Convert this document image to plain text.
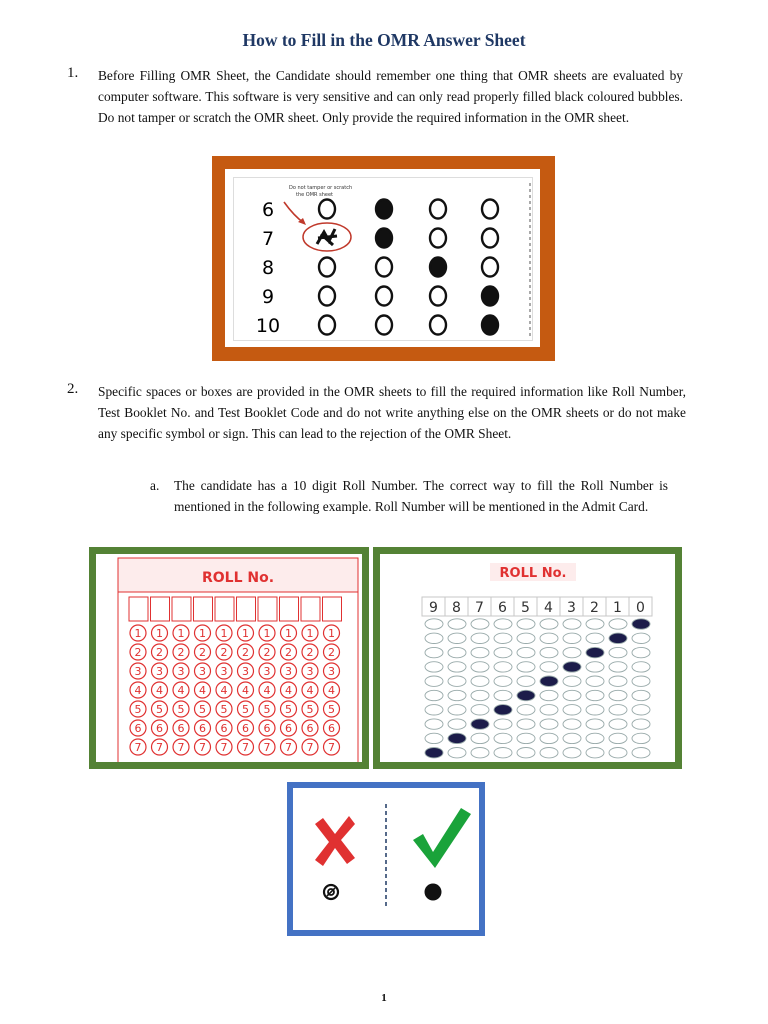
How to Fill in the OMR Answer Sheet
1. Before Filling OMR Sheet, the Candidate should remember one thing that OMR sheets are evaluated by computer software. This software is very sensitive and can only read properly filled black coloured bubbles. Do not tamper or scratch the OMR sheet. Only provide the required information in the OMR sheet.
Do not tamper or scratch
the OMR sheet
6
7
8
9
10
2. Specific spaces or boxes are provided in the OMR sheets to fill the required information like Roll Number, Test Booklet No. and Test Booklet Code and do not write anything else on the OMR sheets or do not make any specific symbol or sign. This can lead to the rejection of the OMR Sheet.
a. The candidate has a 10 digit Roll Number. The correct way to fill the Roll Number is mentioned in the following example. Roll Number will be mentioned in the Admit Card.
ROLL No.
1 1 1 1 1 1 1 1 1 1
2 2 2 2 2 2 2 2 2 2
3 3 3 3 3 3 3 3 3 3
4 4 4 4 4 4 4 4 4 4
5 5 5 5 5 5 5 5 5 5
6 6 6 6 6 6 6 6 6 6
7 7 7 7 7 7 7 7 7 7
ROLL No.
9 8 7 6 5 4 3 2 1 0
1
